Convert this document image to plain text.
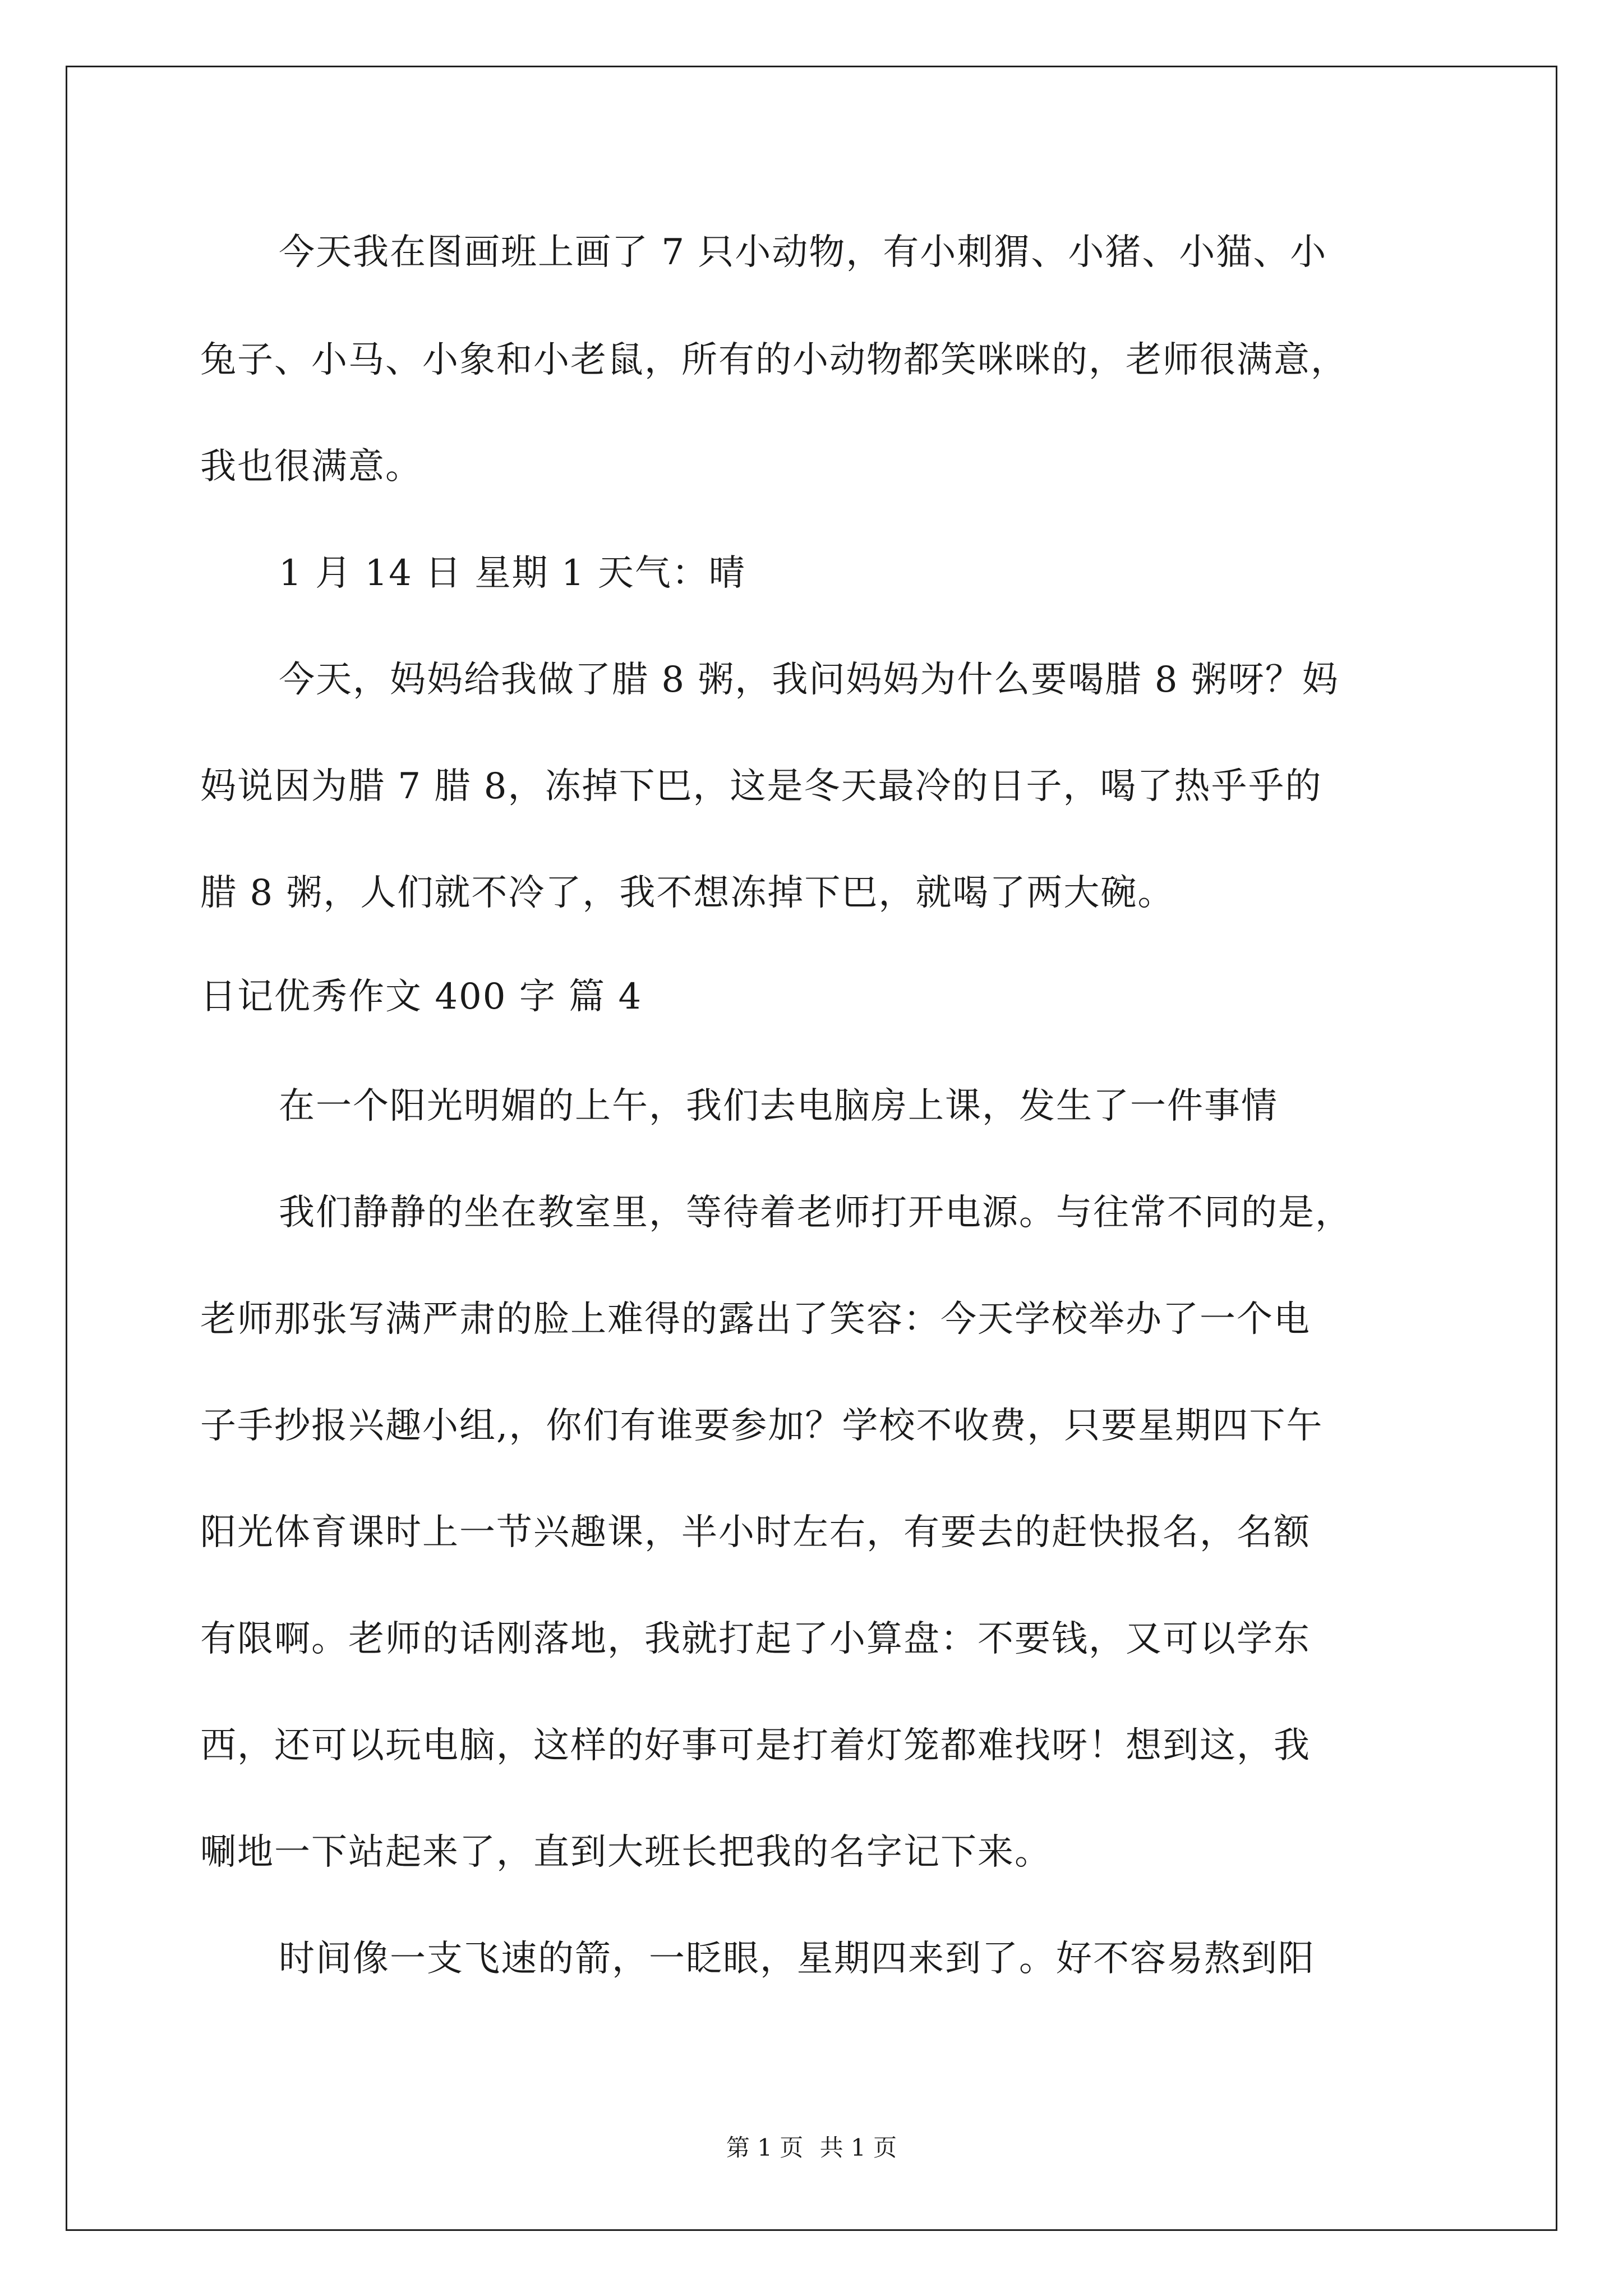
今天我在图画班上画了 7 只小动物，有小刺猬、小猪、小猫、小
兔子、小马、小象和小老鼠，所有的小动物都笑咪咪的，老师很满意，
我也很满意。
1 月 14 日 星期 1 天气：晴
今天，妈妈给我做了腊 8 粥，我问妈妈为什么要喝腊 8 粥呀？妈
妈说因为腊 7 腊 8，冻掉下巴，这是冬天最冷的日子，喝了热乎乎的
腊 8 粥，人们就不冷了，我不想冻掉下巴，就喝了两大碗。
日记优秀作文 400 字 篇 4
在一个阳光明媚的上午，我们去电脑房上课，发生了一件事情
我们静静的坐在教室里，等待着老师打开电源。与往常不同的是，
老师那张写满严肃的脸上难得的露出了笑容：今天学校举办了一个电
子手抄报兴趣小组,，你们有谁要参加？学校不收费，只要星期四下午
阳光体育课时上一节兴趣课，半小时左右，有要去的赶快报名，名额
有限啊。老师的话刚落地，我就打起了小算盘：不要钱，又可以学东
西，还可以玩电脑，这样的好事可是打着灯笼都难找呀！想到这，我
唰地一下站起来了，直到大班长把我的名字记下来。
时间像一支飞速的箭，一眨眼，星期四来到了。好不容易熬到阳
第 1 页 共 1 页
